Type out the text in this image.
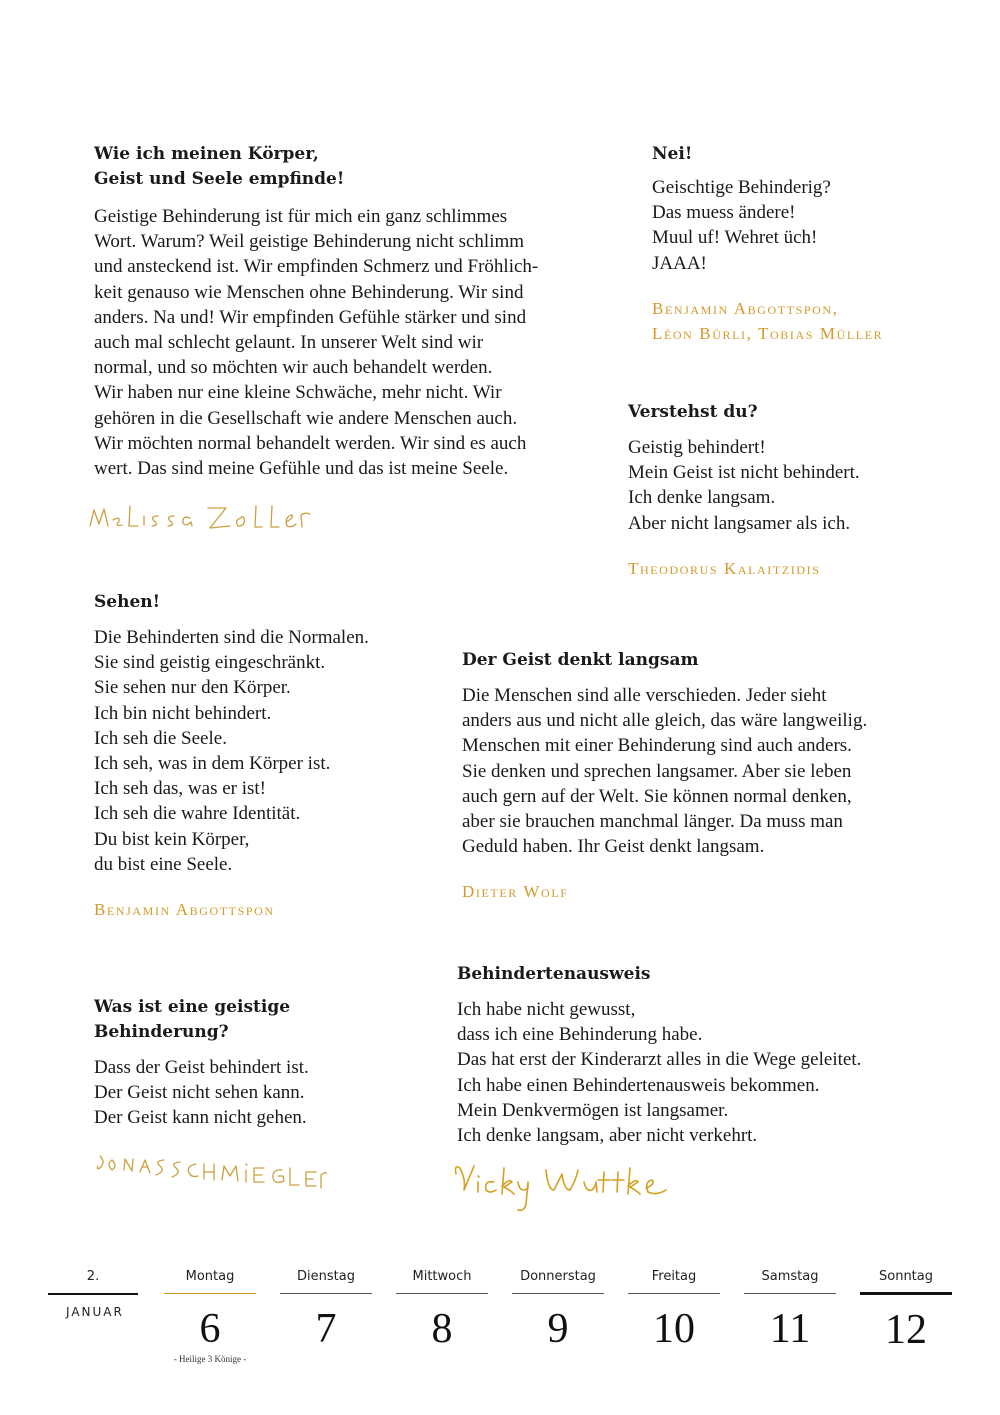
Wie ich meinen Körper,
Geist und Seele empfinde!
Geistige Behinderung ist für mich ein ganz schlimmes
Wort. Warum? Weil geistige Behinderung nicht schlimm
und ansteckend ist. Wir empfinden Schmerz und Fröhlich-
keit genauso wie Menschen ohne Behinderung. Wir sind
anders. Na und! Wir empfinden Gefühle stärker und sind
auch mal schlecht gelaunt. In unserer Welt sind wir
normal, und so möchten wir auch behandelt werden.
Wir haben nur eine kleine Schwäche, mehr nicht. Wir
gehören in die Gesellschaft wie andere Menschen auch.
Wir möchten normal behandelt werden. Wir sind es auch
wert. Das sind meine Gefühle und das ist meine Seele.
Nei!
Geischtige Behinderig?
Das muess ändere!
Muul uf! Wehret üch!
JAAA!
Benjamin Abgottspon,
Léon Bürli, Tobias Müller
Verstehst du?
Geistig behindert!
Mein Geist ist nicht behindert.
Ich denke langsam.
Aber nicht langsamer als ich.
Theodorus Kalaitzidis
Sehen!
Die Behinderten sind die Normalen.
Sie sind geistig eingeschränkt.
Sie sehen nur den Körper.
Ich bin nicht behindert.
Ich seh die Seele.
Ich seh, was in dem Körper ist.
Ich seh das, was er ist!
Ich seh die wahre Identität.
Du bist kein Körper,
du bist eine Seele.
Benjamin Abgottspon
Der Geist denkt langsam
Die Menschen sind alle verschieden. Jeder sieht
anders aus und nicht alle gleich, das wäre langweilig.
Menschen mit einer Behinderung sind auch anders.
Sie denken und sprechen langsamer. Aber sie leben
auch gern auf der Welt. Sie können normal denken,
aber sie brauchen manchmal länger. Da muss man
Geduld haben. Ihr Geist denkt langsam.
Dieter Wolf
Was ist eine geistige
Behinderung?
Dass der Geist behindert ist.
Der Geist nicht sehen kann.
Der Geist kann nicht gehen.
Behindertenausweis
Ich habe nicht gewusst,
dass ich eine Behinderung habe.
Das hat erst der Kinderarzt alles in die Wege geleitet.
Ich habe einen Behindertenausweis bekommen.
Mein Denkvermögen ist langsamer.
Ich denke langsam, aber nicht verkehrt.
2.
JANUAR
Montag
6
- Heilige 3 Könige -
Dienstag
7
Mittwoch
8
Donnerstag
9
Freitag
10
Samstag
11
Sonntag
12
